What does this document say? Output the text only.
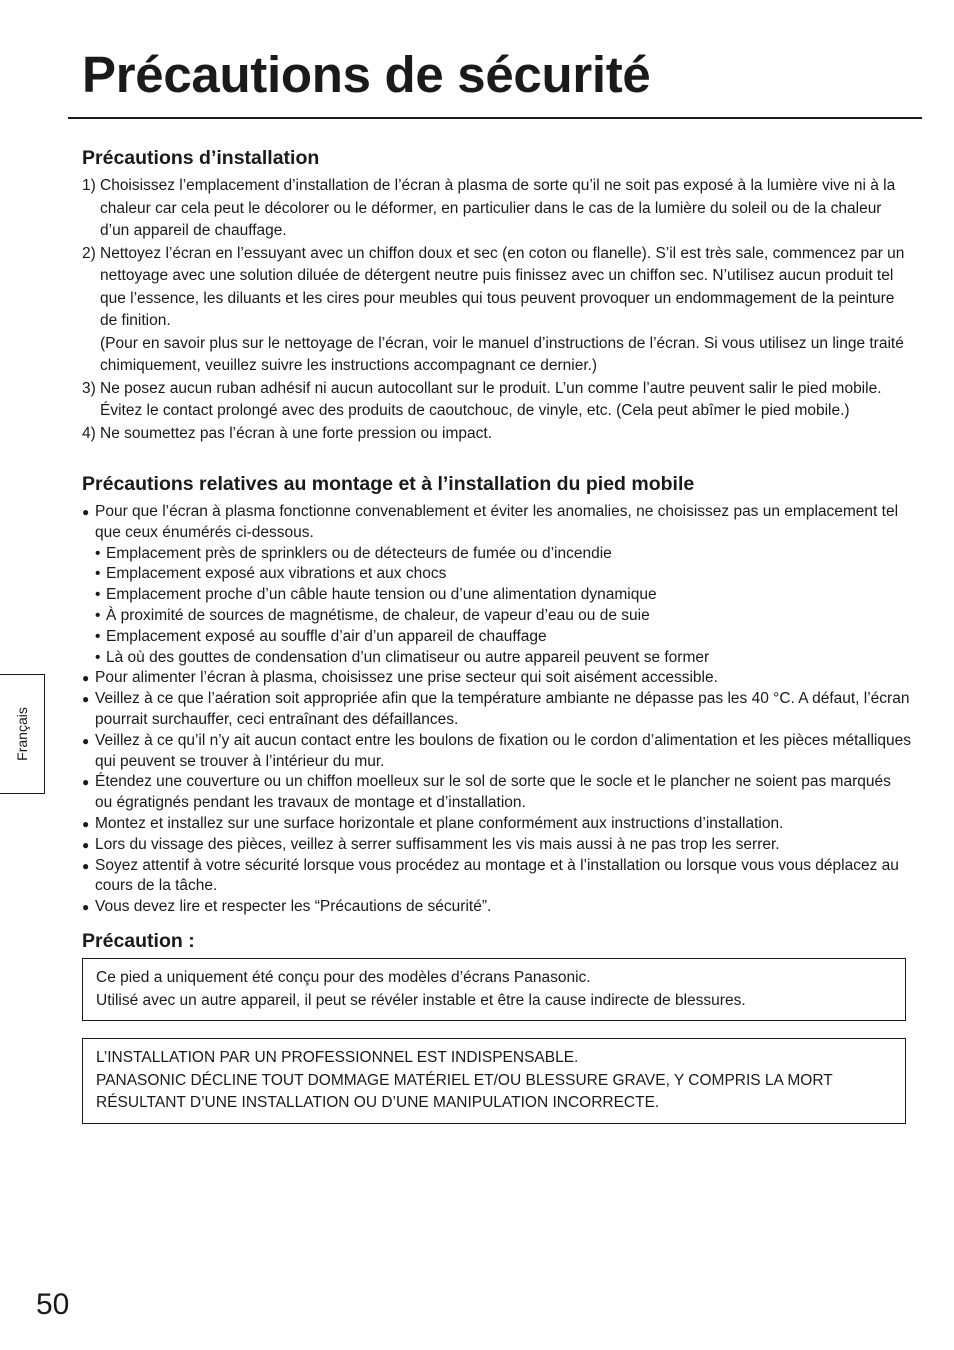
Précautions de sécurité
Précautions d’installation
1) Choisissez l’emplacement d’installation de l’écran à plasma de sorte qu’il ne soit pas exposé à la lumière vive ni à la chaleur car cela peut le décolorer ou le déformer, en particulier dans le cas de la lumière du soleil ou de la chaleur d’un appareil de chauffage.
2) Nettoyez l’écran en l’essuyant avec un chiffon doux et sec (en coton ou flanelle). S’il est très sale, commencez par un nettoyage avec une solution diluée de détergent neutre puis finissez avec un chiffon sec. N’utilisez aucun produit tel que l’essence, les diluants et les cires pour meubles qui tous peuvent provoquer un endommagement de la peinture de finition.
(Pour en savoir plus sur le nettoyage de l’écran, voir le manuel d’instructions de l’écran. Si vous utilisez un linge traité chimiquement, veuillez suivre les instructions accompagnant ce dernier.)
3) Ne posez aucun ruban adhésif ni aucun autocollant sur le produit. L’un comme l’autre peuvent salir le pied mobile. Évitez le contact prolongé avec des produits de caoutchouc, de vinyle, etc. (Cela peut abîmer le pied mobile.)
4) Ne soumettez pas l’écran à une forte pression ou impact.
Précautions relatives au montage et à l’installation du pied mobile
● Pour que l’écran à plasma fonctionne convenablement et éviter les anomalies, ne choisissez pas un emplacement tel que ceux énumérés ci-dessous.
• Emplacement près de sprinklers ou de détecteurs de fumée ou d’incendie
• Emplacement exposé aux vibrations et aux chocs
• Emplacement proche d’un câble haute tension ou d’une alimentation dynamique
• À proximité de sources de magnétisme, de chaleur, de vapeur d’eau ou de suie
• Emplacement exposé au souffle d’air d’un appareil de chauffage
• Là où des gouttes de condensation d’un climatiseur ou autre appareil peuvent se former
● Pour alimenter l’écran à plasma, choisissez une prise secteur qui soit aisément accessible.
● Veillez à ce que l’aération soit appropriée afin que la température ambiante ne dépasse pas les 40 °C. A défaut, l’écran pourrait surchauffer, ceci entraînant des défaillances.
● Veillez à ce qu’il n’y ait aucun contact entre les boulons de fixation ou le cordon d’alimentation et les pièces métalliques qui peuvent se trouver à l’intérieur du mur.
● Étendez une couverture ou un chiffon moelleux sur le sol de sorte que le socle et le plancher ne soient pas marqués ou égratignés pendant les travaux de montage et d’installation.
● Montez et installez sur une surface horizontale et plane conformément aux instructions d’installation.
● Lors du vissage des pièces, veillez à serrer suffisamment les vis mais aussi à ne pas trop les serrer.
● Soyez attentif à votre sécurité lorsque vous procédez au montage et à l’installation ou lorsque vous vous déplacez au cours de la tâche.
● Vous devez lire et respecter les “Précautions de sécurité”.
Précaution :

Ce pied a uniquement été conçu pour des modèles d’écrans Panasonic.

Utilisé avec un autre appareil, il peut se révéler instable et être la cause indirecte de blessures.

L’INSTALLATION PAR UN PROFESSIONNEL EST INDISPENSABLE.

PANASONIC DÉCLINE TOUT DOMMAGE MATÉRIEL ET/OU BLESSURE GRAVE, Y COMPRIS LA MORT RÉSULTANT D’UNE INSTALLATION OU D’UNE MANIPULATION INCORRECTE.

Français

50
